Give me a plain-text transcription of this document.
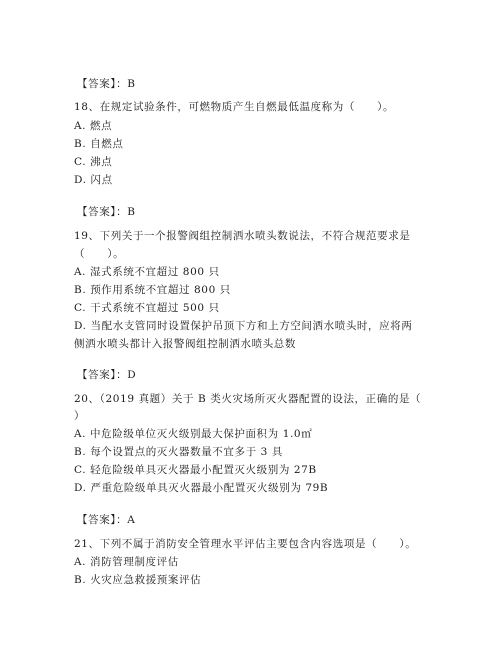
【答案】：B
18、在规定试验条件，可燃物质产生自燃最低温度称为（　　）。
A. 燃点
B. 自燃点
C. 沸点
D. 闪点
【答案】：B
19、下列关于一个报警阀组控制洒水喷头数说法，不符合规范要求是
（　　）。
A. 湿式系统不宜超过 800 只
B. 预作用系统不宜超过 800 只
C. 干式系统不宜超过 500 只
D. 当配水支管同时设置保护吊顶下方和上方空间洒水喷头时，应将两
侧洒水喷头都计入报警阀组控制洒水喷头总数
【答案】：D
20、（2019 真题）关于 B 类火灾场所灭火器配置的设法，正确的是（
）
A. 中危险级单位灭火级别最大保护面积为 1.0㎡
B. 每个设置点的灭火器数量不宜多于 3 具
C. 轻危险级单具灭火器最小配置灭火级别为 27B
D. 严重危险级单具灭火器最小配置灭火级别为 79B
【答案】：A
21、下列不属于消防安全管理水平评估主要包含内容选项是（　　）。
A. 消防管理制度评估
B. 火灾应急救援预案评估
